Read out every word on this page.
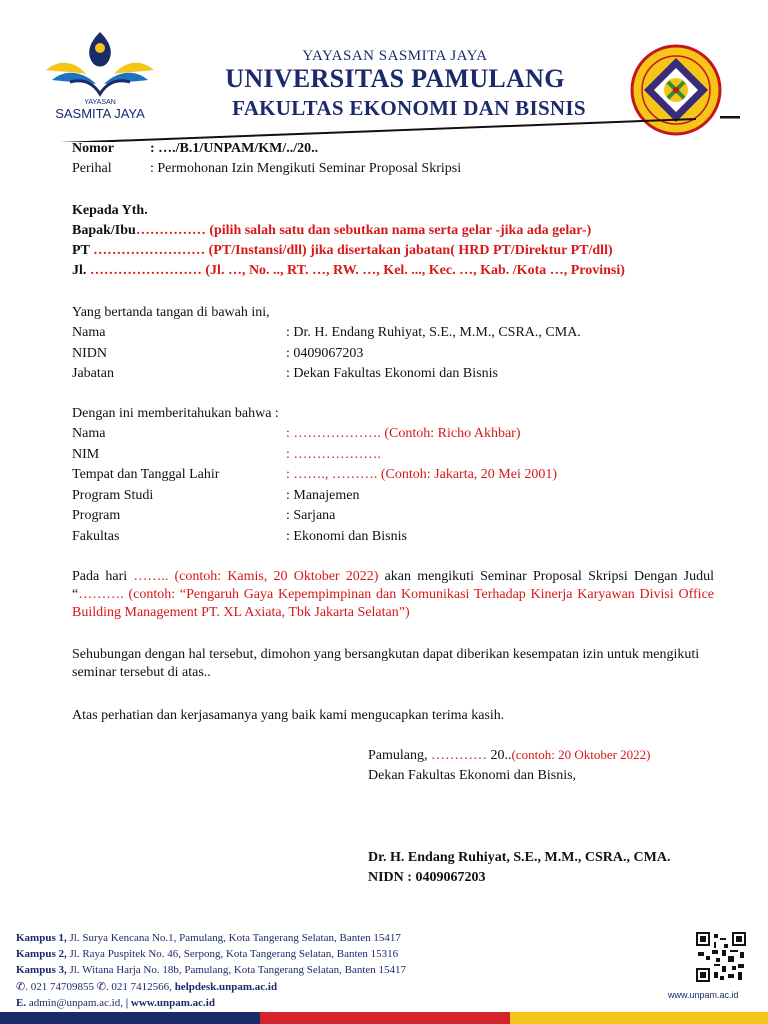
YAYASAN
SASMITA JAYA
YAYASAN SASMITA JAYA
UNIVERSITAS PAMULANG
FAKULTAS EKONOMI DAN BISNIS
Nomor	: …./B.1/UNPAM/KM/../20..
Perihal	: Permohonan Izin Mengikuti Seminar Proposal Skripsi
Kepada Yth.
Bapak/Ibu…………… (pilih salah satu dan sebutkan nama serta gelar -jika ada gelar-)
PT …………………… (PT/Instansi/dll) jika disertakan jabatan( HRD PT/Direktur PT/dll)
Jl. …………………… (Jl. …, No. .., RT. …, RW. …, Kel. ..., Kec. …, Kab. /Kota …, Provinsi)
Yang bertanda tangan di bawah ini,
Nama	: Dr. H. Endang Ruhiyat, S.E., M.M., CSRA., CMA.
NIDN	: 0409067203
Jabatan	: Dekan Fakultas Ekonomi dan Bisnis
Dengan ini memberitahukan bahwa :
Nama	: ………………. (Contoh: Richo Akhbar)
NIM	: ……………….
Tempat dan Tanggal Lahir	: ……., ………. (Contoh: Jakarta, 20 Mei 2001)
Program Studi	: Manajemen
Program	: Sarjana
Fakultas	: Ekonomi dan Bisnis
Pada hari …….. (contoh: Kamis, 20 Oktober 2022) akan mengikuti Seminar Proposal Skripsi Dengan Judul “………. (contoh: “Pengaruh Gaya Kepempimpinan dan Komunikasi Terhadap Kinerja Karyawan Divisi Office Building Management PT. XL Axiata, Tbk Jakarta Selatan”)
Sehubungan dengan hal tersebut, dimohon yang bersangkutan dapat diberikan kesempatan izin untuk mengikuti seminar tersebut di atas..
Atas perhatian dan kerjasamanya yang baik kami mengucapkan terima kasih.
Pamulang, ………… 20..(contoh: 20 Oktober 2022)
Dekan Fakultas Ekonomi dan Bisnis,
Dr. H. Endang Ruhiyat, S.E., M.M., CSRA., CMA.
NIDN : 0409067203
Kampus 1, Jl. Surya Kencana No.1, Pamulang, Kota Tangerang Selatan, Banten 15417
Kampus 2, Jl. Raya Puspitek No. 46, Serpong, Kota Tangerang Selatan, Banten 15316
Kampus 3, Jl. Witana Harja No. 18b, Pamulang, Kota Tangerang Selatan, Banten 15417
✆. 021 74709855 ✆. 021 7412566, helpdesk.unpam.ac.id
E. admin@unpam.ac.id, | www.unpam.ac.id
www.unpam.ac.id
